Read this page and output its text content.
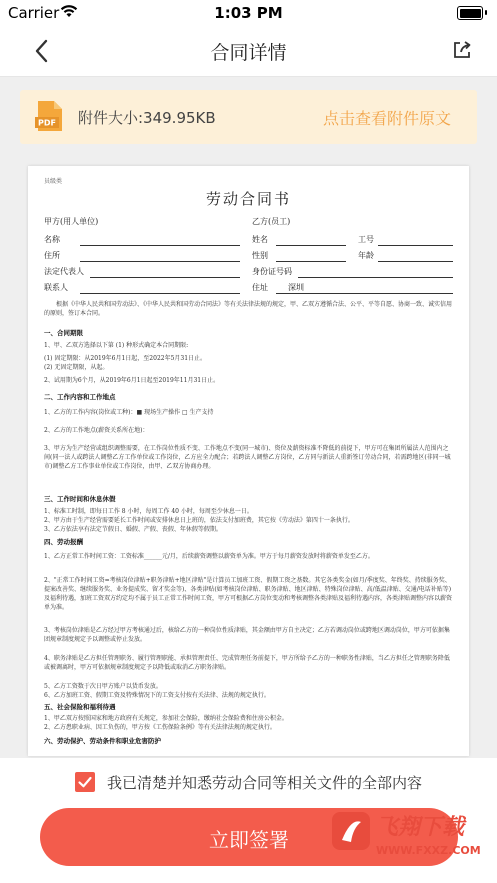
Carrier	1:03 PM
合同详情
PDF 附件大小:349.95KB	点击查看附件原文
员级类
劳动合同书
甲方(用人单位)	乙方(员工)
名称	姓名	工号
住所	性别	年龄
法定代表人	身份证号码
联系人	住址	深圳
根据《中华人民共和国劳动法》、《中华人民共和国劳动合同法》等有关法律法规的规定，甲、乙双方遵循合法、公平、平等自愿、协商一致、诚实信用的原则，签订本合同。
一、合同期限
1、甲、乙双方选择以下第 (1) 种形式确定本合同期限:
(1) 固定期限：从2019年6月1日起，至2022年5月31日止。
(2) 无固定期限，从起。
2、试用期为6个月，从2019年6月1日起至2019年11月31日止。
二、工作内容和工作地点
1、乙方的工作内容(岗位或工种)：■ 现场生产操作 □ 生产支持
2、乙方的工作地点(薪资关系所在地)：
3、甲方为生产经营或组织调整需要，在工作岗位性质不变、工作地点不变(同一城市)、资位及薪资标准不降低的前提下，甲方可在集团所属法人范围内之间(同一法人或跨法人调整乙方工作单位或工作岗位，乙方应全力配合；若跨法人调整乙方岗位，乙方同与新法人重新签订劳动合同，若需跨地区(非同一城市)调整乙方工作事业单位或工作岗位，由甲、乙双方协商办理。
三、工作时间和休息休假
1、标准工时制，即每日工作 8 小时，每周工作 40 小时，每周至少休息一日。
2、甲方由于生产经营需要延长工作时间或安排休息日上班的，依法支付加班费，其它按《劳动法》第四十一条执行。
3、乙方依法享有法定节假日、婚假、产假、丧假、年休假等假期。
四、劳动报酬
1、乙方正常工作时间工资：工资标准______元/月，后续薪资调整以薪资单为准。甲方于每月薪资发放时将薪资单发至乙方。
2、"正常工作时间工资=考核岗位津贴+职务津贴+地区津贴"是计算员工加班工资、假期工资之基数。其它各类奖金(如月/季度奖、年终奖、持续服务奖、提案改善奖、继续服务奖、业务提成奖、留才奖金等)、各类津贴(如考核岗位津贴、职务津贴、地区津贴、特殊岗位津贴、高/低温津贴、交通/电话补贴等)及福利待遇，加班工资双方约定均不属于员工正常工作时间工资，甲方可根据乙方岗位变动和考核调整各类津贴及福利待遇内容，各类津贴调整内容以薪资单为准。
3、考核岗位津贴是乙方经过甲方考核通过后，核给乙方的一种岗位性质津贴，其金额由甲方自主决定；乙方若调动岗位或跨地区调动岗位，甲方可依据集团规章制度规定予以调整或停止发放。
4、职务津贴是乙方担任管理职务、履行管理职能、承担管理责任、完成管理任务前提下，甲方所给予乙方的一种职务性津贴，当乙方担任之管理职务降低或被调离时，甲方可依据规章制度规定予以降低或取消乙方职务津贴。
5、乙方工资数于次日甲方账户以货币发放。
6、乙方加班工资、假期工资及特殊情况下的工资支付按有关法律、法规的规定执行。
五、社会保险和福利待遇
1、甲乙双方按照国家和地方政府有关规定，参加社会保险，缴纳社会保险费和住房公积金。
2、乙方患职业病、因工负伤的，甲方按《工伤保险条例》等有关法律法规的规定执行。
六、劳动保护、劳动条件和职业危害防护
我已清楚并知悉劳动合同等相关文件的全部内容
立即签署	飞翔下载
WWW.FXXZ.COM
